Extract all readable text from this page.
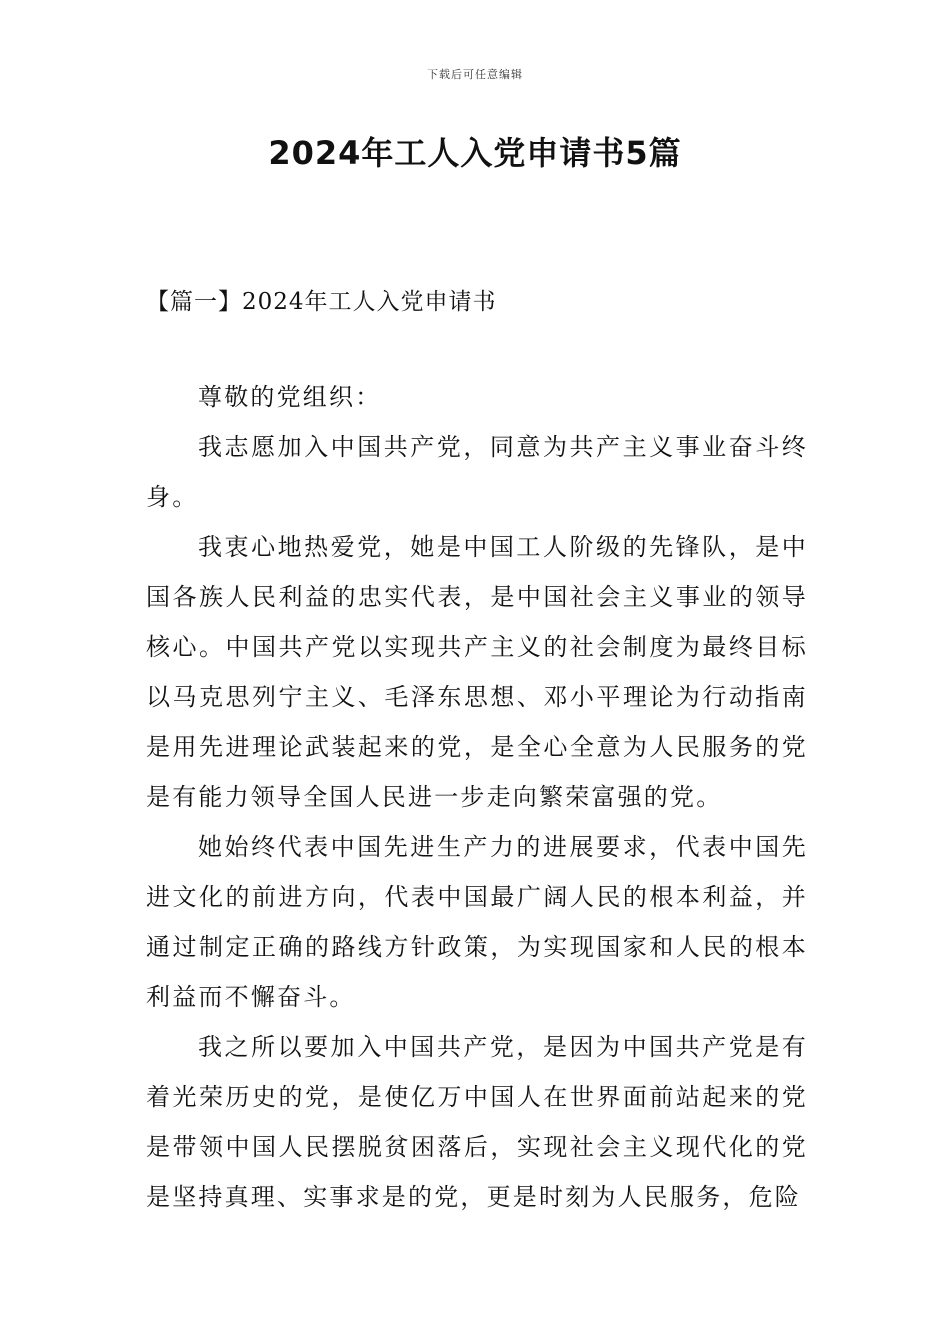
下载后可任意编辑
2024年工人入党申请书5篇
【篇一】2024年工人入党申请书

尊敬的党组织：

我志愿加入中国共产党，同意为共产主义事业奋斗终身。

我衷心地热爱党，她是中国工人阶级的先锋队，是中国各族人民利益的忠实代表，是中国社会主义事业的领导核心。中国共产党以实现共产主义的社会制度为最终目标以马克思列宁主义、毛泽东思想、邓小平理论为行动指南是用先进理论武装起来的党，是全心全意为人民服务的党是有能力领导全国人民进一步走向繁荣富强的党。

她始终代表中国先进生产力的进展要求，代表中国先进文化的前进方向，代表中国最广阔人民的根本利益，并通过制定正确的路线方针政策，为实现国家和人民的根本利益而不懈奋斗。

我之所以要加入中国共产党，是因为中国共产党是有着光荣历史的党，是使亿万中国人在世界面前站起来的党是带领中国人民摆脱贫困落后，实现社会主义现代化的党是坚持真理、实事求是的党，更是时刻为人民服务，危险
